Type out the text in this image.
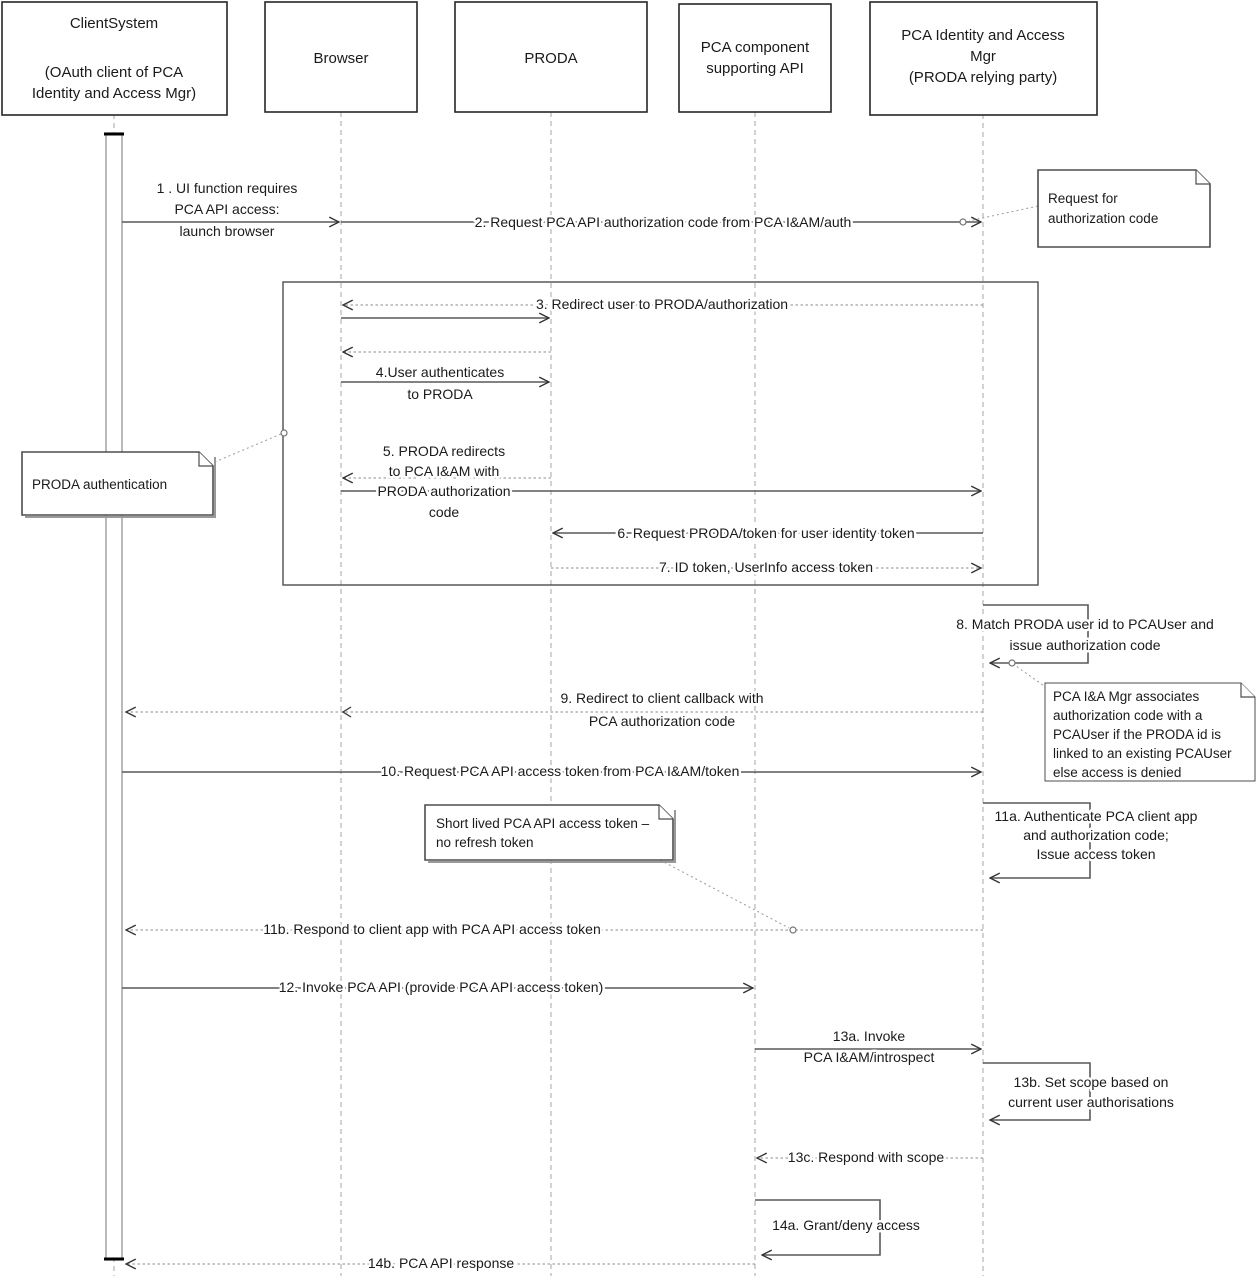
1 . UI function requires
PCA API access:
launch browser
2. Request PCA API authorization code from PCA I&AM/auth
3. Redirect user to PRODA/authorization
4.User authenticates
to PRODA
5. PRODA redirects
to PCA I&AM with
PRODA authorization
code
6. Request PRODA/token for user identity token
7. ID token, UserInfo access token
8. Match PRODA user id to PCAUser and
issue authorization code
9. Redirect to client callback with
PCA authorization code
10. Request PCA API access token from PCA I&AM/token
11a. Authenticate PCA client app
and authorization code;
Issue access token
11b. Respond to client app with PCA API access token
12. Invoke PCA API (provide PCA API access token)
13a. Invoke
PCA I&AM/introspect
13b. Set scope based on
current user authorisations
13c. Respond with scope
14a. Grant/deny access
14b. PCA API response
Request for
authorization code
PRODA authentication
PCA I&A Mgr associates
authorization code with a
PCAUser if the PRODA id is
linked to an existing PCAUser
else access is denied
Short lived PCA API access token –
no refresh token
ClientSystem
(OAuth client of PCA
Identity and Access Mgr)
Browser	PRODA
PCA component
supporting API
PCA Identity and Access
Mgr
(PRODA relying party)
